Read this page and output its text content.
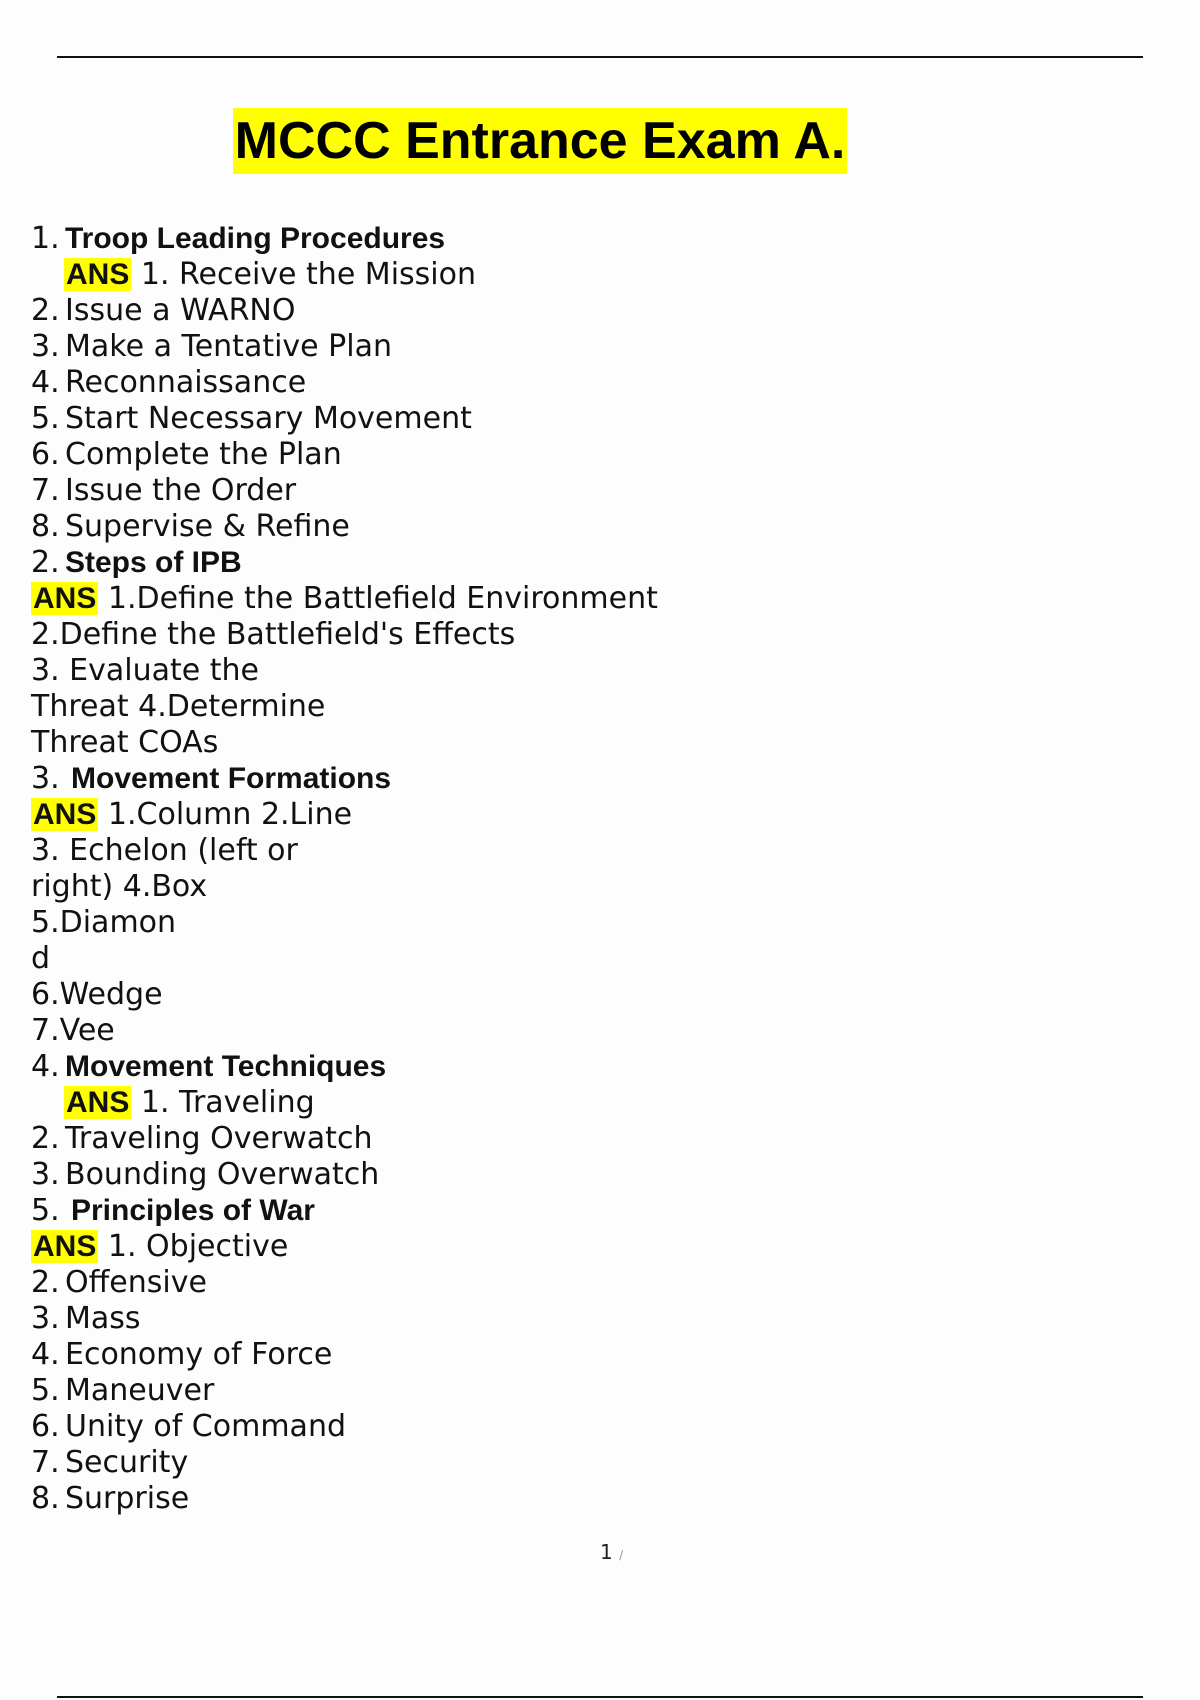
MCCC Entrance Exam A.
1. Troop Leading Procedures
ANS 1. Receive the Mission
2. Issue a WARNO
3. Make a Tentative Plan
4. Reconnaissance
5. Start Necessary Movement
6. Complete the Plan
7. Issue the Order
8. Supervise & Refine
2. Steps of IPB
ANS 1.Define the Battlefield Environment
2.Define the Battlefield's Effects
3. Evaluate the
Threat 4.Determine
Threat COAs
3. Movement Formations
ANS 1.Column 2.Line
3. Echelon (left or
right) 4.Box
5.Diamon
d
6.Wedge
7.Vee
4. Movement Techniques
ANS 1. Traveling
2. Traveling Overwatch
3. Bounding Overwatch
5. Principles of War
ANS 1. Objective
2. Offensive
3. Mass
4. Economy of Force
5. Maneuver
6. Unity of Command
7. Security
8. Surprise
1 /
